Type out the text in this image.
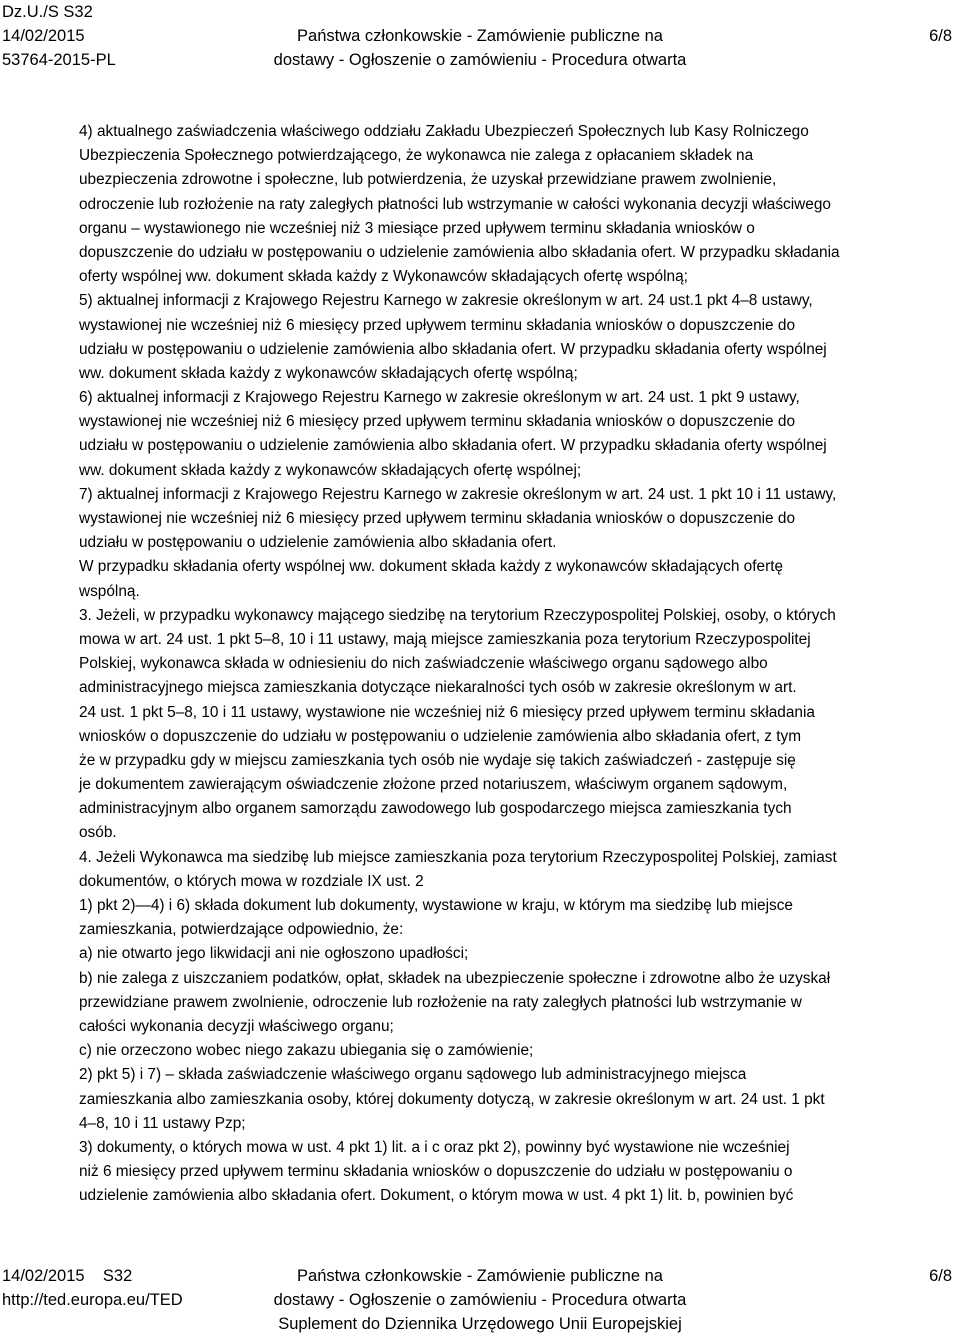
Dz.U./S S32
14/02/2015
53764-2015-PL
Państwa członkowskie - Zamówienie publiczne na
dostawy - Ogłoszenie o zamówieniu - Procedura otwarta
6/8
4) aktualnego zaświadczenia właściwego oddziału Zakładu Ubezpieczeń Społecznych lub Kasy Rolniczego
Ubezpieczenia Społecznego potwierdzającego, że wykonawca nie zalega z opłacaniem składek na
ubezpieczenia zdrowotne i społeczne, lub potwierdzenia, że uzyskał przewidziane prawem zwolnienie,
odroczenie lub rozłożenie na raty zaległych płatności lub wstrzymanie w całości wykonania decyzji właściwego
organu – wystawionego nie wcześniej niż 3 miesiące przed upływem terminu składania wniosków o
dopuszczenie do udziału w postępowaniu o udzielenie zamówienia albo składania ofert. W przypadku składania
oferty wspólnej ww. dokument składa każdy z Wykonawców składających ofertę wspólną;
5) aktualnej informacji z Krajowego Rejestru Karnego w zakresie określonym w art. 24 ust.1 pkt 4–8 ustawy,
wystawionej nie wcześniej niż 6 miesięcy przed upływem terminu składania wniosków o dopuszczenie do
udziału w postępowaniu o udzielenie zamówienia albo składania ofert. W przypadku składania oferty wspólnej
ww. dokument składa każdy z wykonawców składających ofertę wspólną;
6) aktualnej informacji z Krajowego Rejestru Karnego w zakresie określonym w art. 24 ust. 1 pkt 9 ustawy,
wystawionej nie wcześniej niż 6 miesięcy przed upływem terminu składania wniosków o dopuszczenie do
udziału w postępowaniu o udzielenie zamówienia albo składania ofert. W przypadku składania oferty wspólnej
ww. dokument składa każdy z wykonawców składających ofertę wspólnej;
7) aktualnej informacji z Krajowego Rejestru Karnego w zakresie określonym w art. 24 ust. 1 pkt 10 i 11 ustawy,
wystawionej nie wcześniej niż 6 miesięcy przed upływem terminu składania wniosków o dopuszczenie do
udziału w postępowaniu o udzielenie zamówienia albo składania ofert.
W przypadku składania oferty wspólnej ww. dokument składa każdy z wykonawców składających ofertę
wspólną.
3. Jeżeli, w przypadku wykonawcy mającego siedzibę na terytorium Rzeczypospolitej Polskiej, osoby, o których
mowa w art. 24 ust. 1 pkt 5–8, 10 i 11 ustawy, mają miejsce zamieszkania poza terytorium Rzeczypospolitej
Polskiej, wykonawca składa w odniesieniu do nich zaświadczenie właściwego organu sądowego albo
administracyjnego miejsca zamieszkania dotyczące niekaralności tych osób w zakresie określonym w art.
24 ust. 1 pkt 5–8, 10 i 11 ustawy, wystawione nie wcześniej niż 6 miesięcy przed upływem terminu składania
wniosków o dopuszczenie do udziału w postępowaniu o udzielenie zamówienia albo składania ofert, z tym
że w przypadku gdy w miejscu zamieszkania tych osób nie wydaje się takich zaświadczeń - zastępuje się
je dokumentem zawierającym oświadczenie złożone przed notariuszem, właściwym organem sądowym,
administracyjnym albo organem samorządu zawodowego lub gospodarczego miejsca zamieszkania tych
osób.
4. Jeżeli Wykonawca ma siedzibę lub miejsce zamieszkania poza terytorium Rzeczypospolitej Polskiej, zamiast
dokumentów, o których mowa w rozdziale IX ust. 2
1) pkt 2)—4) i 6) składa dokument lub dokumenty, wystawione w kraju, w którym ma siedzibę lub miejsce
zamieszkania, potwierdzające odpowiednio, że:
a) nie otwarto jego likwidacji ani nie ogłoszono upadłości;
b) nie zalega z uiszczaniem podatków, opłat, składek na ubezpieczenie społeczne i zdrowotne albo że uzyskał
przewidziane prawem zwolnienie, odroczenie lub rozłożenie na raty zaległych płatności lub wstrzymanie w
całości wykonania decyzji właściwego organu;
c) nie orzeczono wobec niego zakazu ubiegania się o zamówienie;
2) pkt 5) i 7) – składa zaświadczenie właściwego organu sądowego lub administracyjnego miejsca
zamieszkania albo zamieszkania osoby, której dokumenty dotyczą, w zakresie określonym w art. 24 ust. 1 pkt
4–8, 10 i 11 ustawy Pzp;
3) dokumenty, o których mowa w ust. 4 pkt 1) lit. a i c oraz pkt 2), powinny być wystawione nie wcześniej
niż 6 miesięcy przed upływem terminu składania wniosków o dopuszczenie do udziału w postępowaniu o
udzielenie zamówienia albo składania ofert. Dokument, o którym mowa w ust. 4 pkt 1) lit. b, powinien być
14/02/2015    S32
http://ted.europa.eu/TED
Państwa członkowskie - Zamówienie publiczne na
dostawy - Ogłoszenie o zamówieniu - Procedura otwarta
Suplement do Dziennika Urzędowego Unii Europejskiej
6/8
